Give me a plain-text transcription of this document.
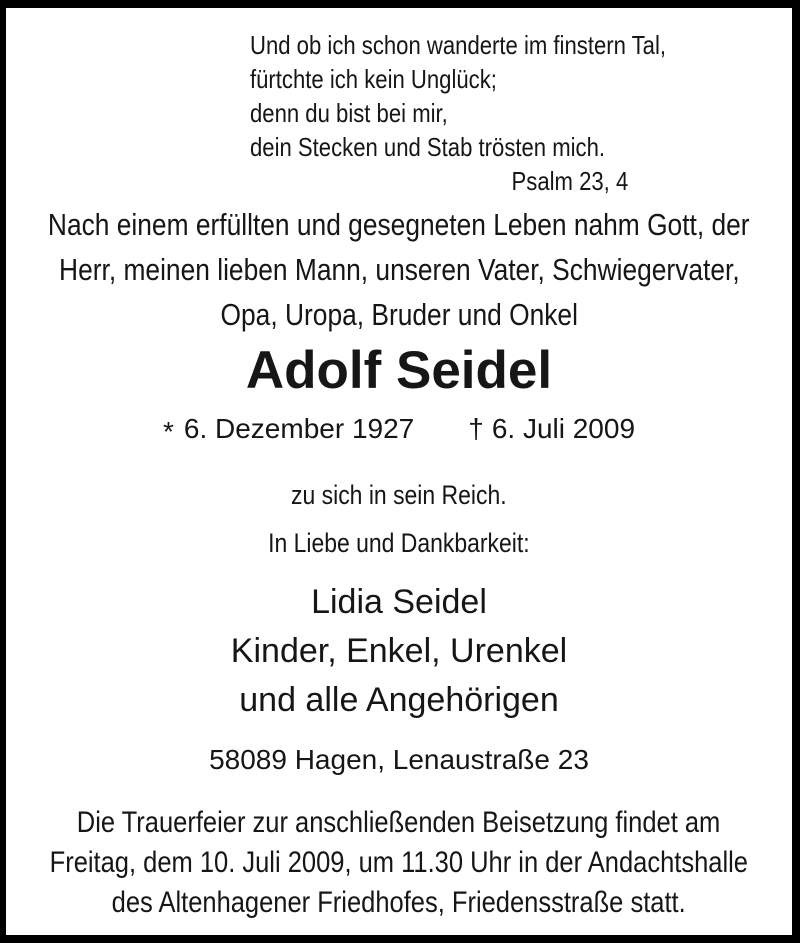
Und ob ich schon wanderte im finstern Tal,
fürtchte ich kein Unglück;
denn du bist bei mir,
dein Stecken und Stab trösten mich.
Psalm 23, 4
Nach einem erfüllten und gesegneten Leben nahm Gott, der
Herr, meinen lieben Mann, unseren Vater, Schwiegervater,
Opa, Uropa, Bruder und Onkel
Adolf Seidel
* 6. Dezember 1927 † 6. Juli 2009
zu sich in sein Reich.
In Liebe und Dankbarkeit:
Lidia Seidel
Kinder, Enkel, Urenkel
und alle Angehörigen
58089 Hagen, Lenaustraße 23
Die Trauerfeier zur anschließenden Beisetzung findet am
Freitag, dem 10. Juli 2009, um 11.30 Uhr in der Andachtshalle
des Altenhagener Friedhofes, Friedensstraße statt.
